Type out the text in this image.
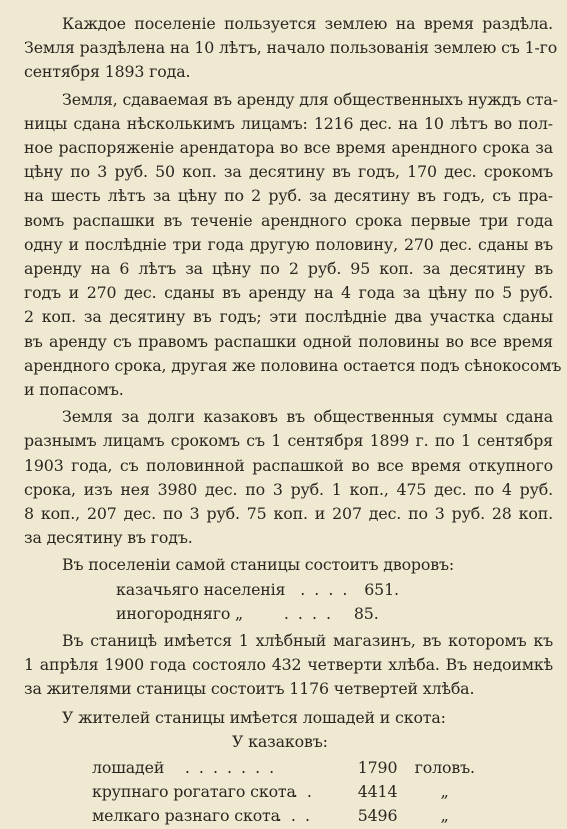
Каждое поселеніе пользуется землею на время раздѣла.
Земля раздѣлена на 10 лѣтъ, начало пользованія землею съ 1-го
сентября 1893 года.
Земля, сдаваемая въ аренду для общественныхъ нуждъ ста-
ницы сдана нѣсколькимъ лицамъ: 1216 дес. на 10 лѣтъ во пол-
ное распоряженіе арендатора во все время арендного срока за
цѣну по 3 руб. 50 коп. за десятину въ годъ, 170 дес. срокомъ
на шесть лѣтъ за цѣну по 2 руб. за десятину въ годъ, съ пра-
вомъ распашки въ теченіе арендного срока первые три года
одну и послѣдніе три года другую половину, 270 дес. сданы въ
аренду на 6 лѣтъ за цѣну по 2 руб. 95 коп. за десятину въ
годъ и 270 дес. сданы въ аренду на 4 года за цѣну по 5 руб.
2 коп. за десятину въ годъ; эти послѣдніе два участка сданы
въ аренду съ правомъ распашки одной половины во все время
арендного срока, другая же половина остается подъ сѣнокосомъ
и попасомъ.
Земля за долги казаковъ въ общественныя суммы сдана
разнымъ лицамъ срокомъ съ 1 сентября 1899 г. по 1 сентября
1903 года, съ половинной распашкой во все время откупного
срока, изъ нея 3980 дес. по 3 руб. 1 коп., 475 дес. по 4 руб.
8 коп., 207 дес. по 3 руб. 75 коп. и 207 дес. по 3 руб. 28 коп.
за десятину въ годъ.
Въ поселеніи самой станицы состоитъ дворовъ:
казачьяго населенія . . . . 651.
иногородняго „	. . . . 85.
Въ станицѣ имѣется 1 хлѣбный магазинъ, въ которомъ къ
1 апрѣля 1900 года состояло 432 четверти хлѣба. Въ недоимкѣ
за жителями станицы состоитъ 1176 четвертей хлѣба.
У жителей станицы имѣется лошадей и скота:
У казаковъ:
лошадей . . . . . . .	1790 головъ.
крупнаго рогатаго скота . .	4414	„
мелкаго разнаго скота . . .	5496	„
